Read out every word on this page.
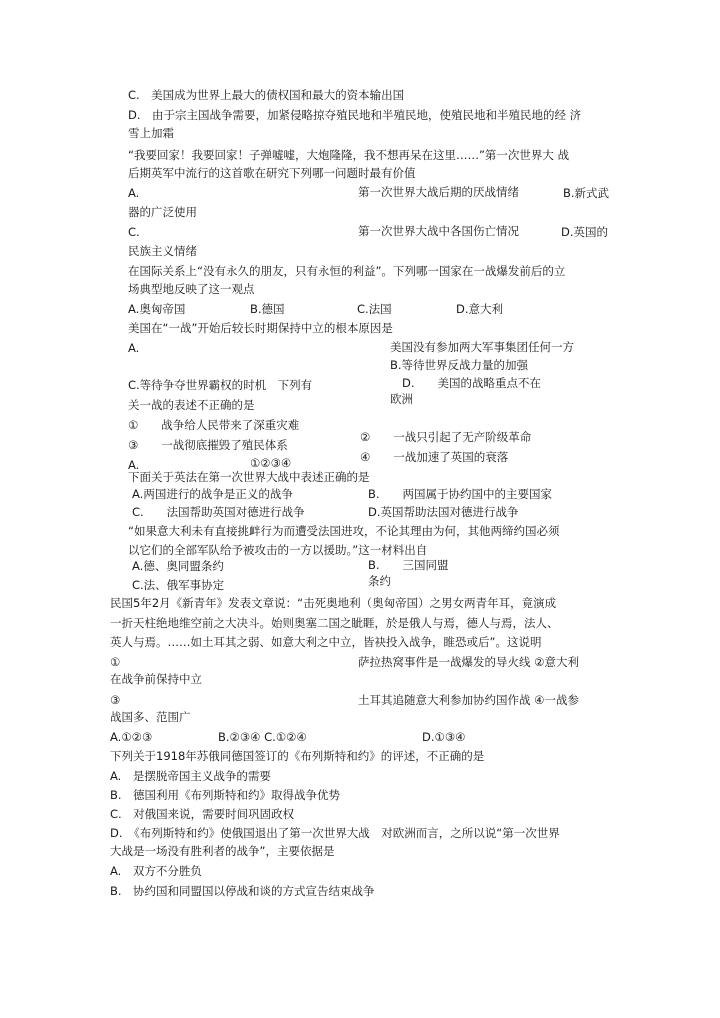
C.　美国成为世界上最大的债权国和最大的资本输出国
D.　由于宗主国战争需要，加紧侵略掠夺殖民地和半殖民地，使殖民地和半殖民地的经 济
雪上加霜
“我要回家！我要回家！子弹嘘嘘，大炮隆隆，我不想再呆在这里……”第一次世界大 战
后期英军中流行的这首歌在研究下列哪一问题时最有价值
A.	第一次世界大战后期的厌战情绪	B.新式武
器的广泛使用
C.	第一次世界大战中各国伤亡情况	D.英国的
民族主义情绪
在国际关系上“没有永久的朋友，只有永恒的利益”。下列哪一国家在一战爆发前后的立
场典型地反映了这一观点
A.奥匈帝国	B.德国	C.法国	D.意大利
美国在“一战”开始后较长时期保持中立的根本原因是
A.	美国没有参加两大军事集团任何一方
B.等待世界反战力量的加强
C.等待争夺世界霸权的时机　下列有	D.　　美国的战略重点不在
欧洲
关一战的表述不正确的是
①　　战争给人民带来了深重灾难
③　　一战彻底摧毁了殖民体系
②　　一战只引起了无产阶级革命
④　　一战加速了英国的衰落
A.	①②③④
下面关于英法在第一次世界大战中表述正确的是
A.两国进行的战争是正义的战争	B.　　两国属于协约国中的主要国家
C.　　法国帮助英国对德进行战争	D.英国帮助法国对德进行战争
“如果意大利未有直接挑衅行为而遭受法国进攻，不论其理由为何，其他两缔约国必须
以它们的全部军队给予被攻击的一方以援助。”这一材料出自
A.德、奥同盟条约	B.　　三国同盟
条约
C.法、俄军事协定
民国5年2月《新青年》发表文章说：“击死奥地利（奥匈帝国）之男女两青年耳，竟演成
一折天柱绝地维空前之大决斗。始则奥塞二国之眦睚，於是俄人与焉，德人与焉，法人、
英人与焉。……如土耳其之弱、如意大利之中立，皆袂投入战争，睢恐或后”。这说明
①	萨拉热窝事件是一战爆发的导火线 ②意大利
在战争前保持中立
③	土耳其追随意大利参加协约国作战 ④一战参
战国多、范围广
A.①②③	B.②③④ C.①②④	D.①③④
下列关于1918年苏俄同德国签订的《布列斯特和约》的评述，不正确的是
A.　是摆脱帝国主义战争的需要
B.　德国利用《布列斯特和约》取得战争优势
C.　对俄国来说，需要时间巩固政权
D.　《布列斯特和约》使俄国退出了第一次世界大战　对欧洲而言，之所以说“第一次世界
大战是一场没有胜利者的战争”，主要依据是
A.　双方不分胜负
B.　协约国和同盟国以停战和谈的方式宣告结束战争
